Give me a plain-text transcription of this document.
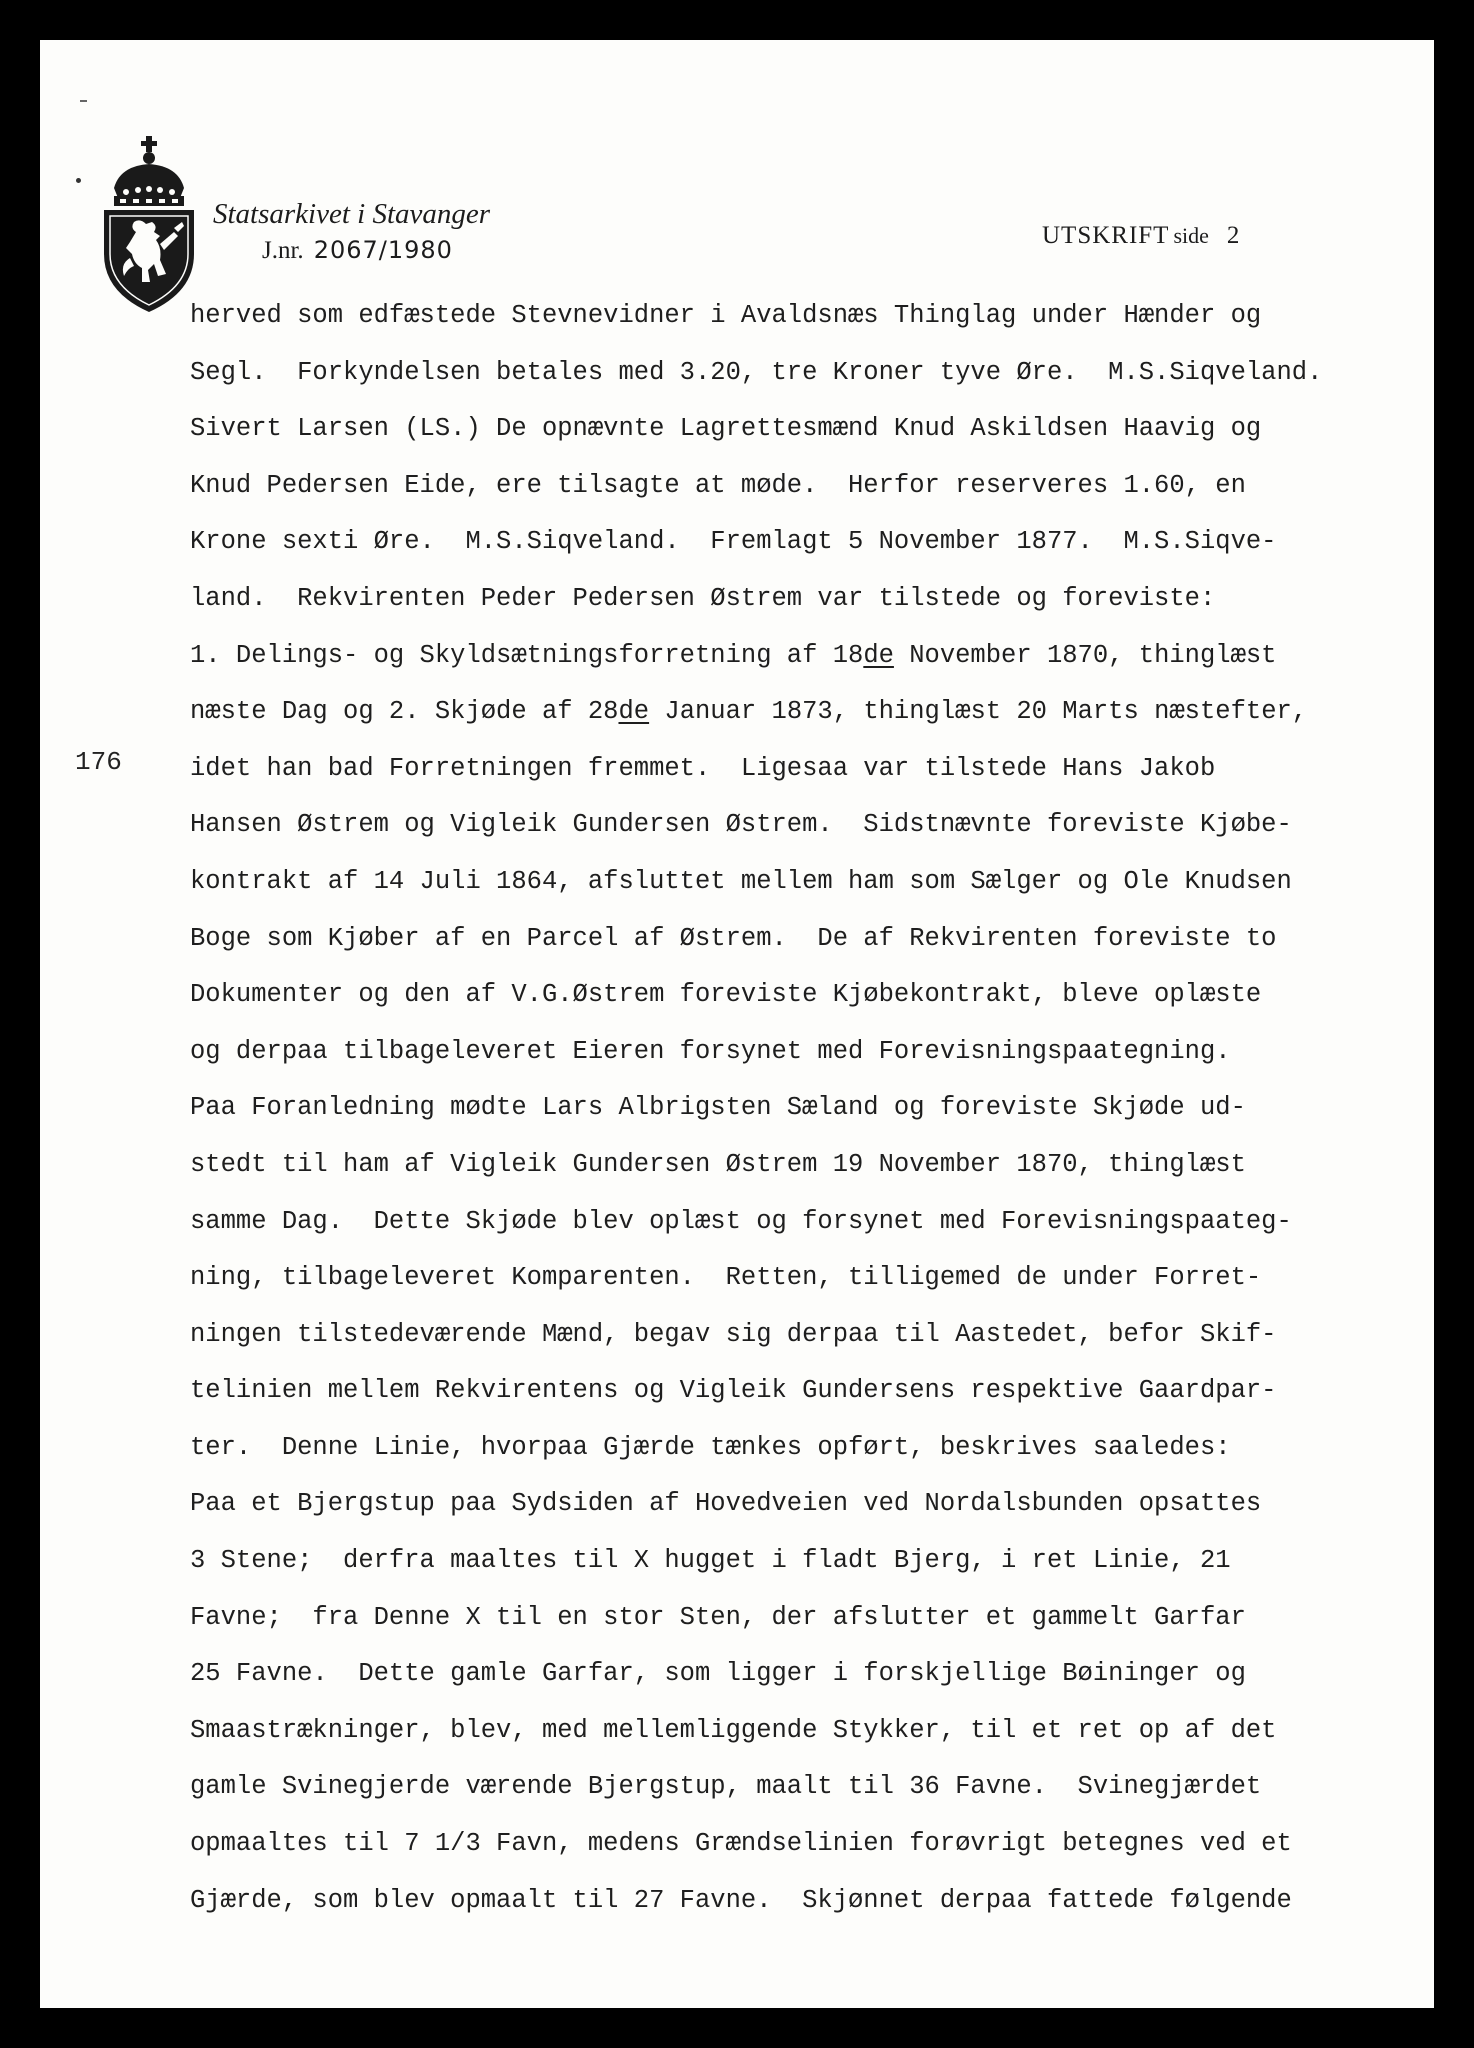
Statsarkivet i Stavanger
J.nr. 2067/1980
UTSKRIFT side 2
176
herved som edfæstede Stevnevidner i Avaldsnæs Thinglag under Hænder og
Segl.  Forkyndelsen betales med 3.20, tre Kroner tyve Øre.  M.S.Siqveland.
Sivert Larsen (LS.) De opnævnte Lagrettesmænd Knud Askildsen Haavig og
Knud Pedersen Eide, ere tilsagte at møde.  Herfor reserveres 1.60, en
Krone sexti Øre.  M.S.Siqveland.  Fremlagt 5 November 1877.  M.S.Siqve-
land.  Rekvirenten Peder Pedersen Østrem var tilstede og foreviste:
1. Delings- og Skyldsætningsforretning af 18de November 1870, thinglæst
næste Dag og 2. Skjøde af 28de Januar 1873, thinglæst 20 Marts næstefter,
idet han bad Forretningen fremmet.  Ligesaa var tilstede Hans Jakob
Hansen Østrem og Vigleik Gundersen Østrem.  Sidstnævnte foreviste Kjøbe-
kontrakt af 14 Juli 1864, afsluttet mellem ham som Sælger og Ole Knudsen
Boge som Kjøber af en Parcel af Østrem.  De af Rekvirenten foreviste to
Dokumenter og den af V.G.Østrem foreviste Kjøbekontrakt, bleve oplæste
og derpaa tilbageleveret Eieren forsynet med Forevisningspaategning.
Paa Foranledning mødte Lars Albrigsten Sæland og foreviste Skjøde ud-
stedt til ham af Vigleik Gundersen Østrem 19 November 1870, thinglæst
samme Dag.  Dette Skjøde blev oplæst og forsynet med Forevisningspaateg-
ning, tilbageleveret Komparenten.  Retten, tilligemed de under Forret-
ningen tilstedeværende Mænd, begav sig derpaa til Aastedet, befor Skif-
telinien mellem Rekvirentens og Vigleik Gundersens respektive Gaardpar-
ter.  Denne Linie, hvorpaa Gjærde tænkes opført, beskrives saaledes:
Paa et Bjergstup paa Sydsiden af Hovedveien ved Nordalsbunden opsattes
3 Stene;  derfra maaltes til X hugget i fladt Bjerg, i ret Linie, 21
Favne;  fra Denne X til en stor Sten, der afslutter et gammelt Garfar
25 Favne.  Dette gamle Garfar, som ligger i forskjellige Bøininger og
Smaastrækninger, blev, med mellemliggende Stykker, til et ret op af det
gamle Svinegjerde værende Bjergstup, maalt til 36 Favne.  Svinegjærdet
opmaaltes til 7 1/3 Favn, medens Grændselinien forøvrigt betegnes ved et
Gjærde, som blev opmaalt til 27 Favne.  Skjønnet derpaa fattede følgende
